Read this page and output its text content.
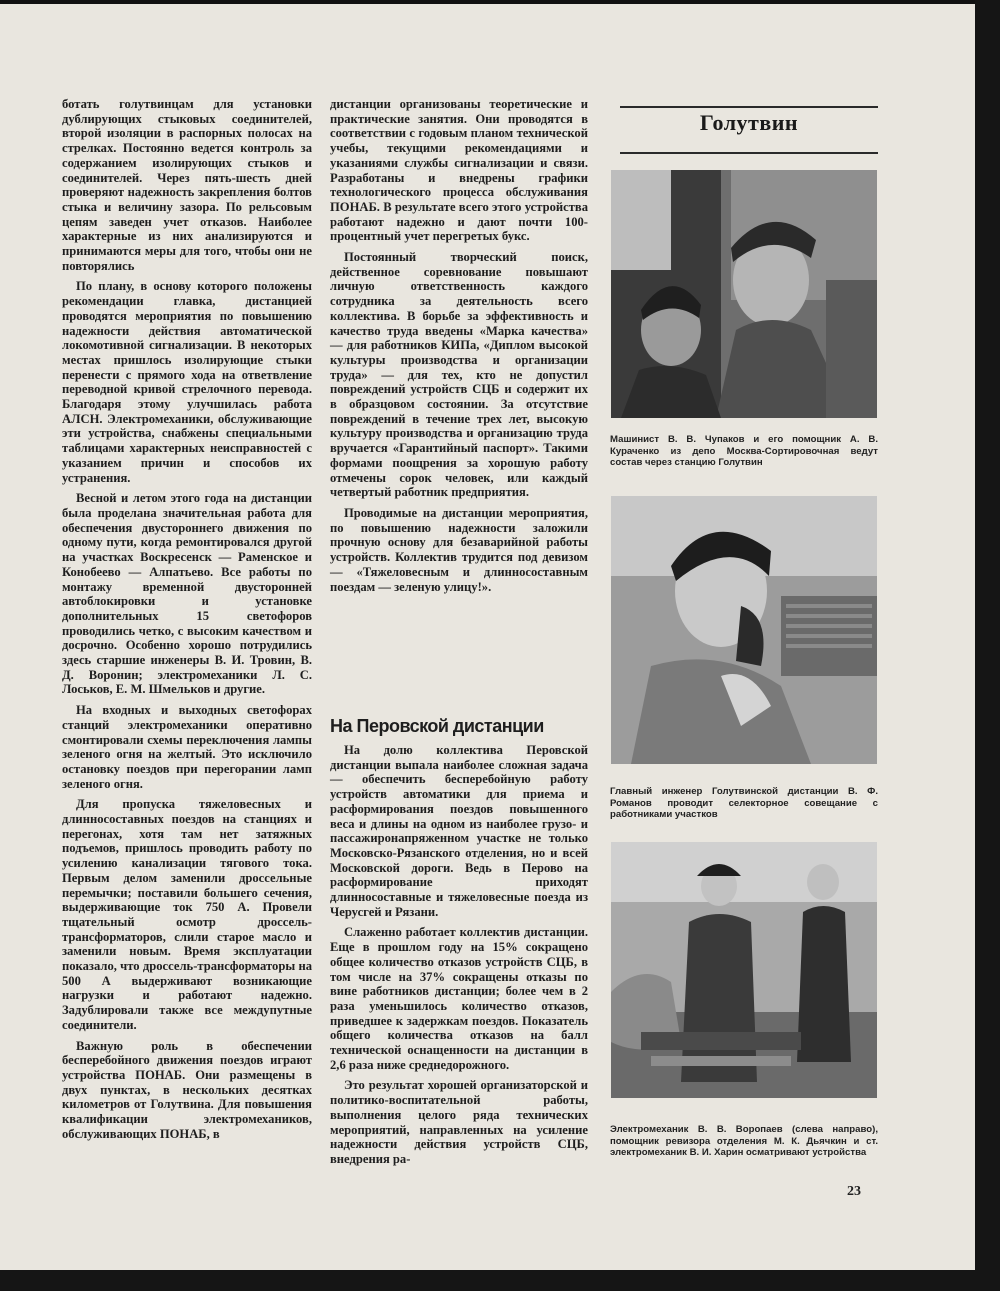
ботать голутвинцам для установки дублирующих стыковых соединителей, второй изоляции в распорных полосах на стрелках. Постоянно ведется контроль за содержанием изолирующих стыков и соединителей. Через пять-шесть дней проверяют надежность закрепления болтов стыка и величину зазора. По рельсовым цепям заведен учет отказов. Наиболее характерные из них анализируются и принимаются меры для того, чтобы они не повторялись

По плану, в основу которого положены рекомендации главка, дистанцией проводятся мероприятия по повышению надежности действия автоматической локомотивной сигнализации. В некоторых местах пришлось изолирующие стыки перенести с прямого хода на ответвление переводной кривой стрелочного перевода. Благодаря этому улучшилась работа АЛСН. Электромеханики, обслуживающие эти устройства, снабжены специальными таблицами характерных неисправностей с указанием причин и способов их устранения.

Весной и летом этого года на дистанции была проделана значительная работа для обеспечения двустороннего движения по одному пути, когда ремонтировался другой на участках Воскресенск — Раменское и Конобеево — Алпатьево. Все работы по монтажу временной двусторонней автоблокировки и установке дополнительных 15 светофоров проводились четко, с высоким качеством и досрочно. Особенно хорошо потрудились здесь старшие инженеры В. И. Тровин, В. Д. Воронин; электромеханики Л. С. Лоськов, Е. М. Шмельков и другие.

На входных и выходных светофорах станций электромеханики оперативно смонтировали схемы переключения лампы зеленого огня на желтый. Это исключило остановку поездов при перегорании ламп зеленого огня.

Для пропуска тяжеловесных и длинносоставных поездов на станциях и перегонах, хотя там нет затяжных подъемов, пришлось проводить работу по усилению канализации тягового тока. Первым делом заменили дроссельные перемычки; поставили большего сечения, выдерживающие ток 750 А. Провели тщательный осмотр дроссель-трансформаторов, слили старое масло и заменили новым. Время эксплуатации показало, что дроссель-трансформаторы на 500 А выдерживают возникающие нагрузки и работают надежно. Задублировали также все междупутные соединители.

Важную роль в обеспечении бесперебойного движения поездов играют устройства ПОНАБ. Они размещены в двух пунктах, в нескольких десятках километров от Голутвина. Для повышения квалификации электромехаников, обслуживающих ПОНАБ, в

дистанции организованы теоретические и практические занятия. Они проводятся в соответствии с годовым планом технической учебы, текущими рекомендациями и указаниями службы сигнализации и связи. Разработаны и внедрены графики технологического процесса обслуживания ПОНАБ. В результате всего этого устройства работают надежно и дают почти 100-процентный учет перегретых букс.

Постоянный творческий поиск, действенное соревнование повышают личную ответственность каждого сотрудника за деятельность всего коллектива. В борьбе за эффективность и качество труда введены «Марка качества» — для работников КИПа, «Диплом высокой культуры производства и организации труда» — для тех, кто не допустил повреждений устройств СЦБ и содержит их в образцовом состоянии. За отсутствие повреждений в течение трех лет, высокую культуру производства и организацию труда вручается «Гарантийный паспорт». Такими формами поощрения за хорошую работу отмечены сорок человек, или каждый четвертый работник предприятия.

Проводимые на дистанции мероприятия, по повышению надежности заложили прочную основу для безаварийной работы устройств. Коллектив трудится под девизом — «Тяжеловесным и длинносоставным поездам — зеленую улицу!».

На Перовской дистанции

На долю коллектива Перовской дистанции выпала наиболее сложная задача — обеспечить бесперебойную работу устройств автоматики для приема и расформирования поездов повышенного веса и длины на одном из наиболее грузо- и пассажиронапряженном участке не только Московско-Рязанского отделения, но и всей Московской дороги. Ведь в Перово на расформирование приходят длинносоставные и тяжеловесные поезда из Черусгей и Рязани.

Слаженно работает коллектив дистанции. Еще в прошлом году на 15% сокращено общее количество отказов устройств СЦБ, в том числе на 37% сокращены отказы по вине работников дистанции; более чем в 2 раза уменьшилось количество отказов, приведшее к задержкам поездов. Показатель общего количества отказов на балл технической оснащенности на дистанции в 2,6 раза ниже среднедорожного.

Это результат хорошей организаторской и политико-воспитательной работы, выполнения целого ряда технических мероприятий, направленных на усиление надежности действия устройств СЦБ, внедрения ра-

Голутвин
Машинист В. В. Чупаков и его помощник А. В. Кураченко из депо Москва-Сортировочная ведут состав через станцию Голутвин
Главный инженер Голутвинской дистанции В. Ф. Романов проводит селекторное совещание с работниками участков
Электромеханик В. В. Воропаев (слева направо), помощник ревизора отделения М. К. Дьячкин и ст. электромеханик В. И. Харин осматривают устройства
23
